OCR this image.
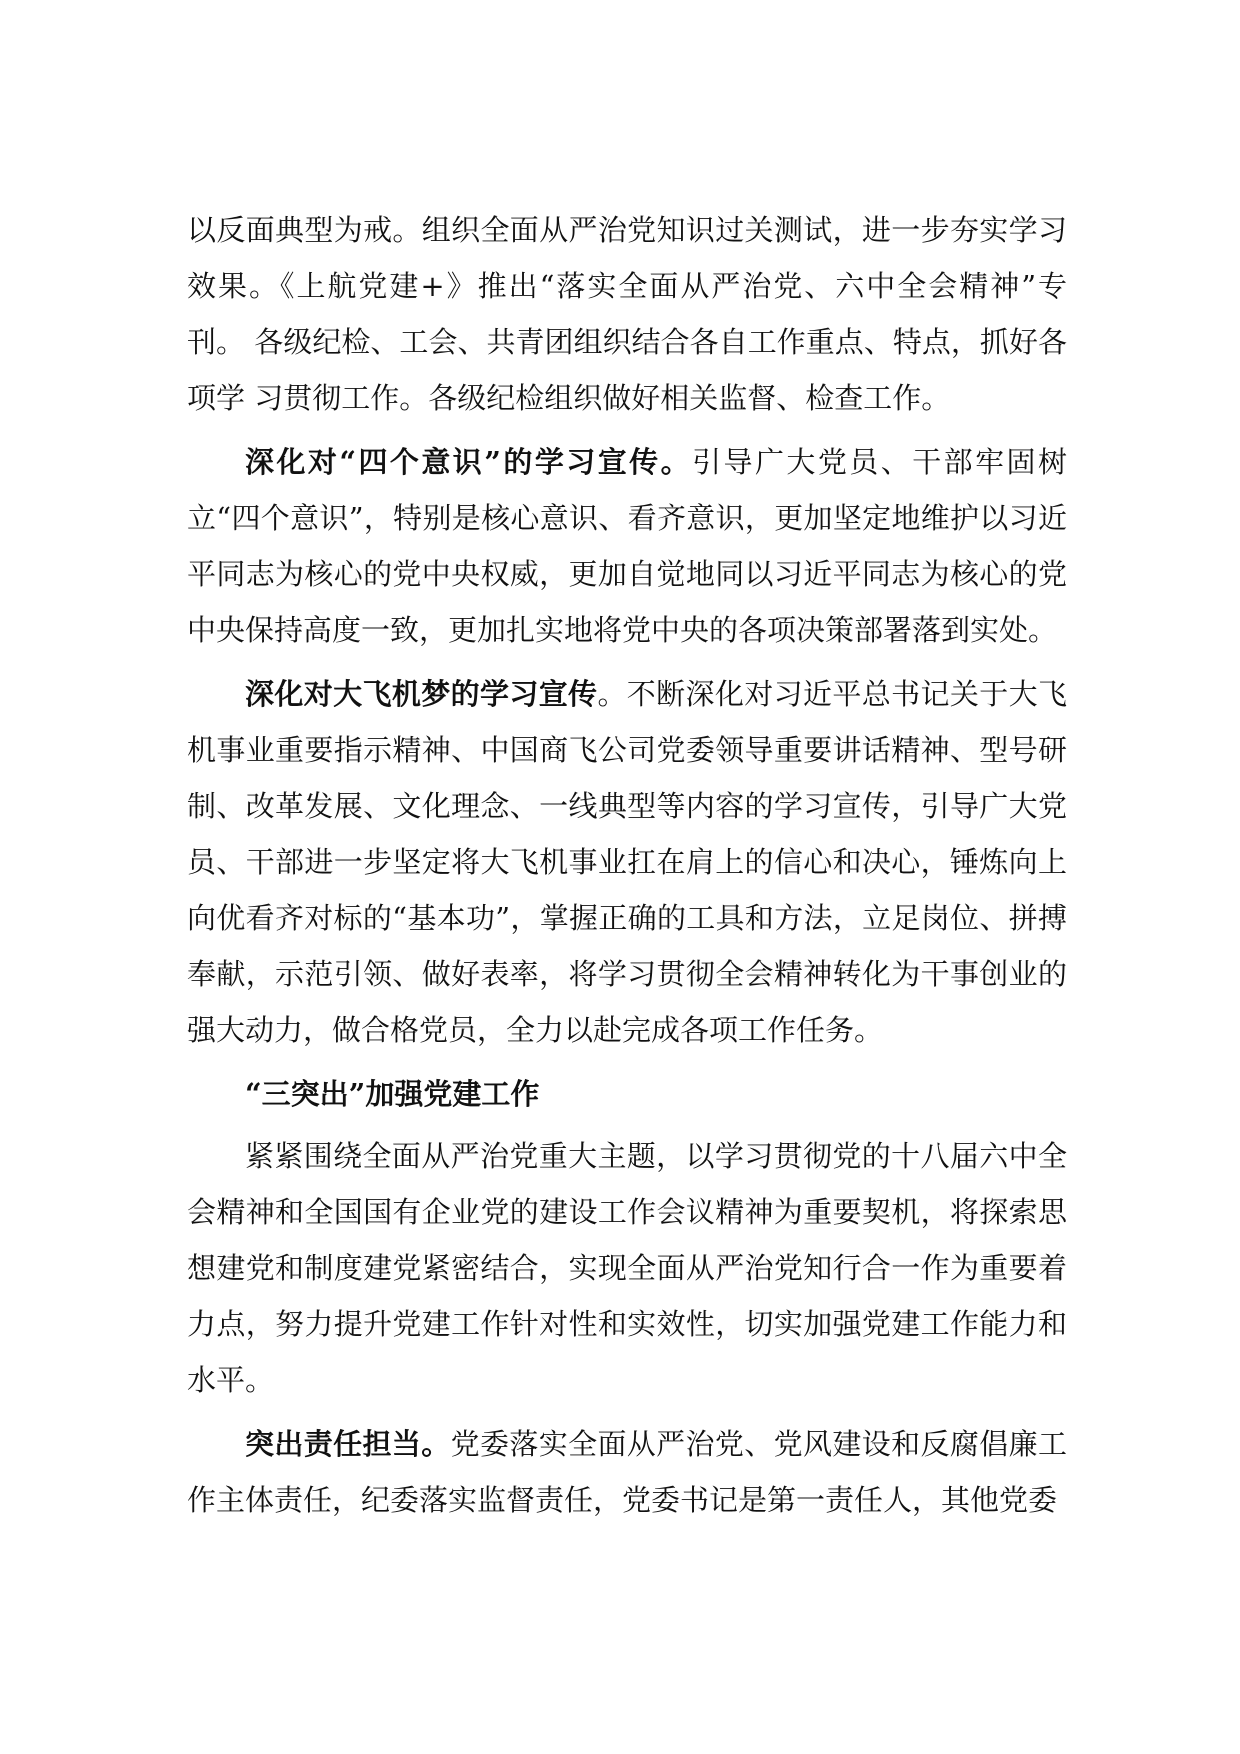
以反面典型为戒。组织全面从严治党知识过关测试，进一步夯实学习效果。《上航党建+》推出“落实全面从严治党、六中全会精神”专刊。 各级纪检、工会、共青团组织结合各自工作重点、特点，抓好各项学 习贯彻工作。各级纪检组织做好相关监督、检查工作。

深化对“四个意识”的学习宣传。引导广大党员、干部牢固树立“四个意识”，特别是核心意识、看齐意识，更加坚定地维护以习近平同志为核心的党中央权威，更加自觉地同以习近平同志为核心的党中央保持高度一致，更加扎实地将党中央的各项决策部署落到实处。

深化对大飞机梦的学习宣传。不断深化对习近平总书记关于大飞机事业重要指示精神、中国商飞公司党委领导重要讲话精神、型号研制、改革发展、文化理念、一线典型等内容的学习宣传，引导广大党员、干部进一步坚定将大飞机事业扛在肩上的信心和决心，锤炼向上向优看齐对标的“基本功”，掌握正确的工具和方法，立足岗位、拼搏奉献，示范引领、做好表率，将学习贯彻全会精神转化为干事创业的强大动力，做合格党员，全力以赴完成各项工作任务。

“三突出”加强党建工作

紧紧围绕全面从严治党重大主题，以学习贯彻党的十八届六中全会精神和全国国有企业党的建设工作会议精神为重要契机，将探索思想建党和制度建党紧密结合，实现全面从严治党知行合一作为重要着力点，努力提升党建工作针对性和实效性，切实加强党建工作能力和水平。

突出责任担当。党委落实全面从严治党、党风建设和反腐倡廉工作主体责任，纪委落实监督责任，党委书记是第一责任人，其他党委
